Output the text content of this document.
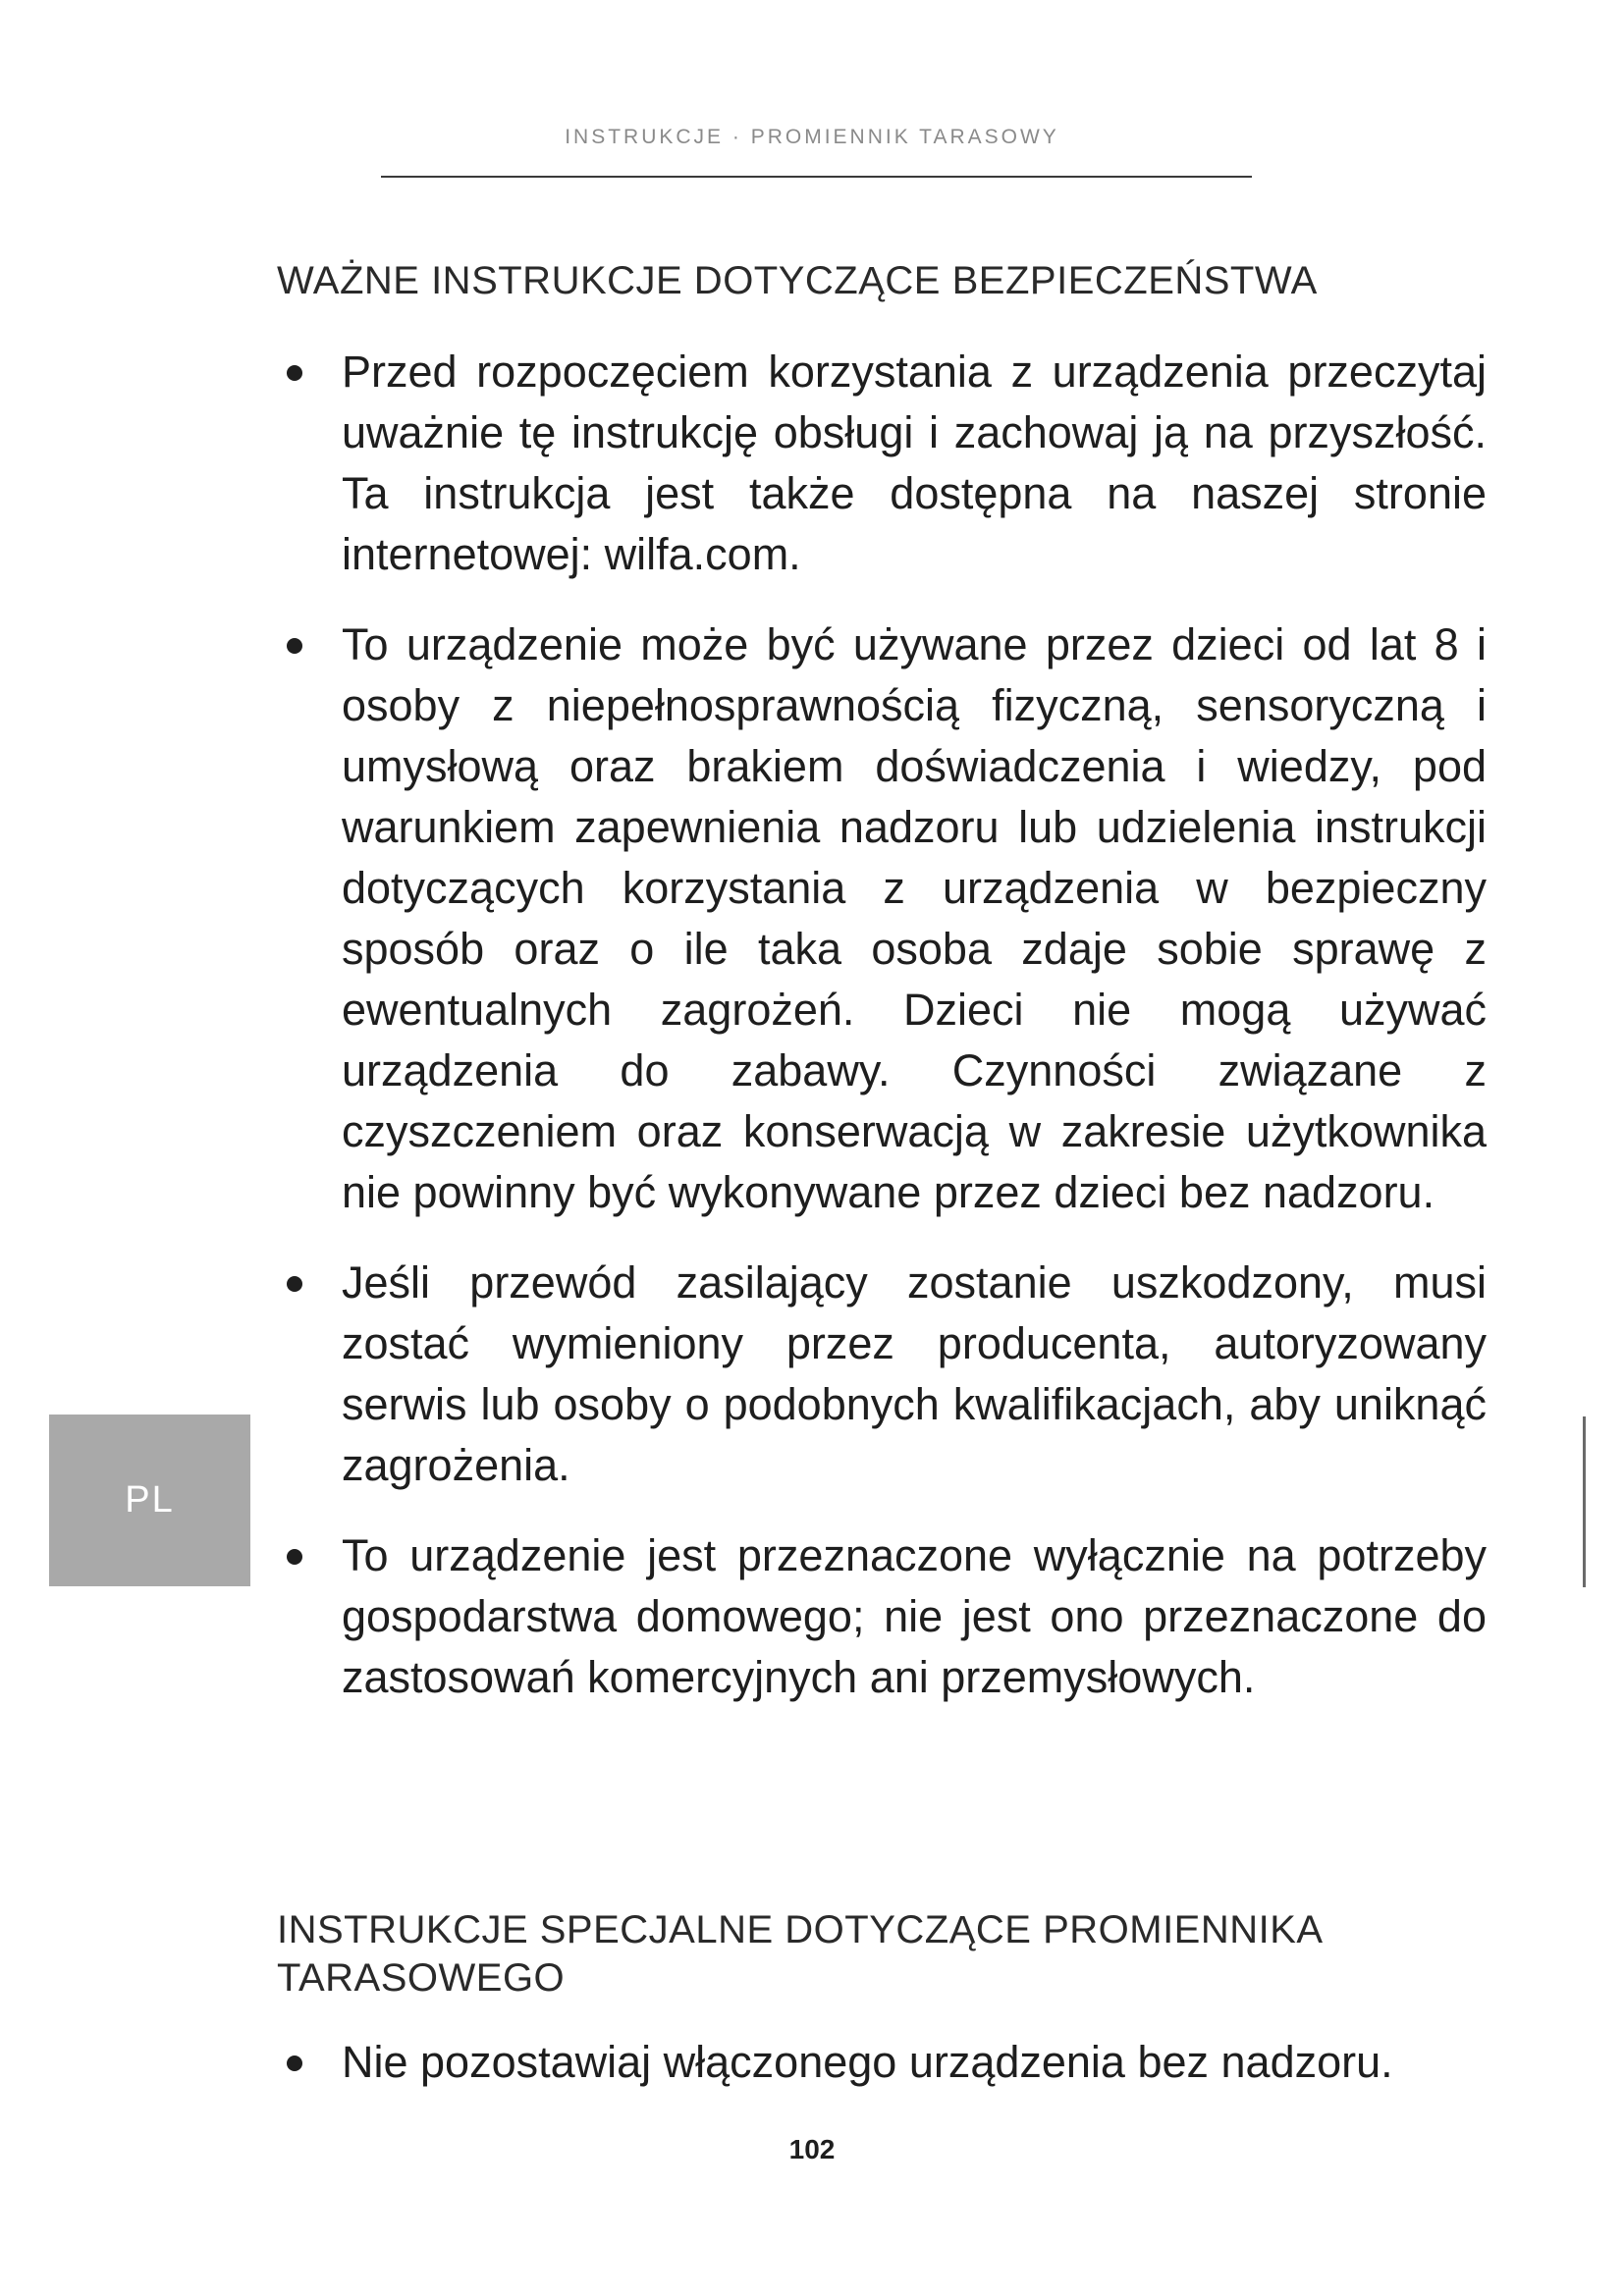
INSTRUKCJE · PROMIENNIK TARASOWY
WAŻNE INSTRUKCJE DOTYCZĄCE BEZPIECZEŃSTWA
Przed rozpoczęciem korzystania z urządzenia przeczytaj uważnie tę instrukcję obsługi i zachowaj ją na przyszłość. Ta instrukcja jest także dostępna na naszej stronie internetowej: wilfa.com.
To urządzenie może być używane przez dzieci od lat 8 i osoby z niepełnosprawnością fizyczną, sensoryczną i umysłową oraz brakiem doświadczenia i wiedzy, pod warunkiem zapewnienia nadzoru lub udzielenia instrukcji dotyczących korzystania z urządzenia w bezpieczny sposób oraz o ile taka osoba zdaje sobie sprawę z ewentualnych zagrożeń. Dzieci nie mogą używać urządzenia do zabawy. Czynności związane z czyszczeniem oraz konserwacją w zakresie użytkownika nie powinny być wykonywane przez dzieci bez nadzoru.
Jeśli przewód zasilający zostanie uszkodzony, musi zostać wymieniony przez producenta, autoryzowany serwis lub osoby o podobnych kwalifikacjach, aby uniknąć zagrożenia.
To urządzenie jest przeznaczone wyłącznie na potrzeby gospodarstwa domowego; nie jest ono przeznaczone do zastosowań komercyjnych ani przemysłowych.
INSTRUKCJE SPECJALNE DOTYCZĄCE PROMIENNIKA TARASOWEGO
Nie pozostawiaj włączonego urządzenia bez nadzoru.
PL
102
